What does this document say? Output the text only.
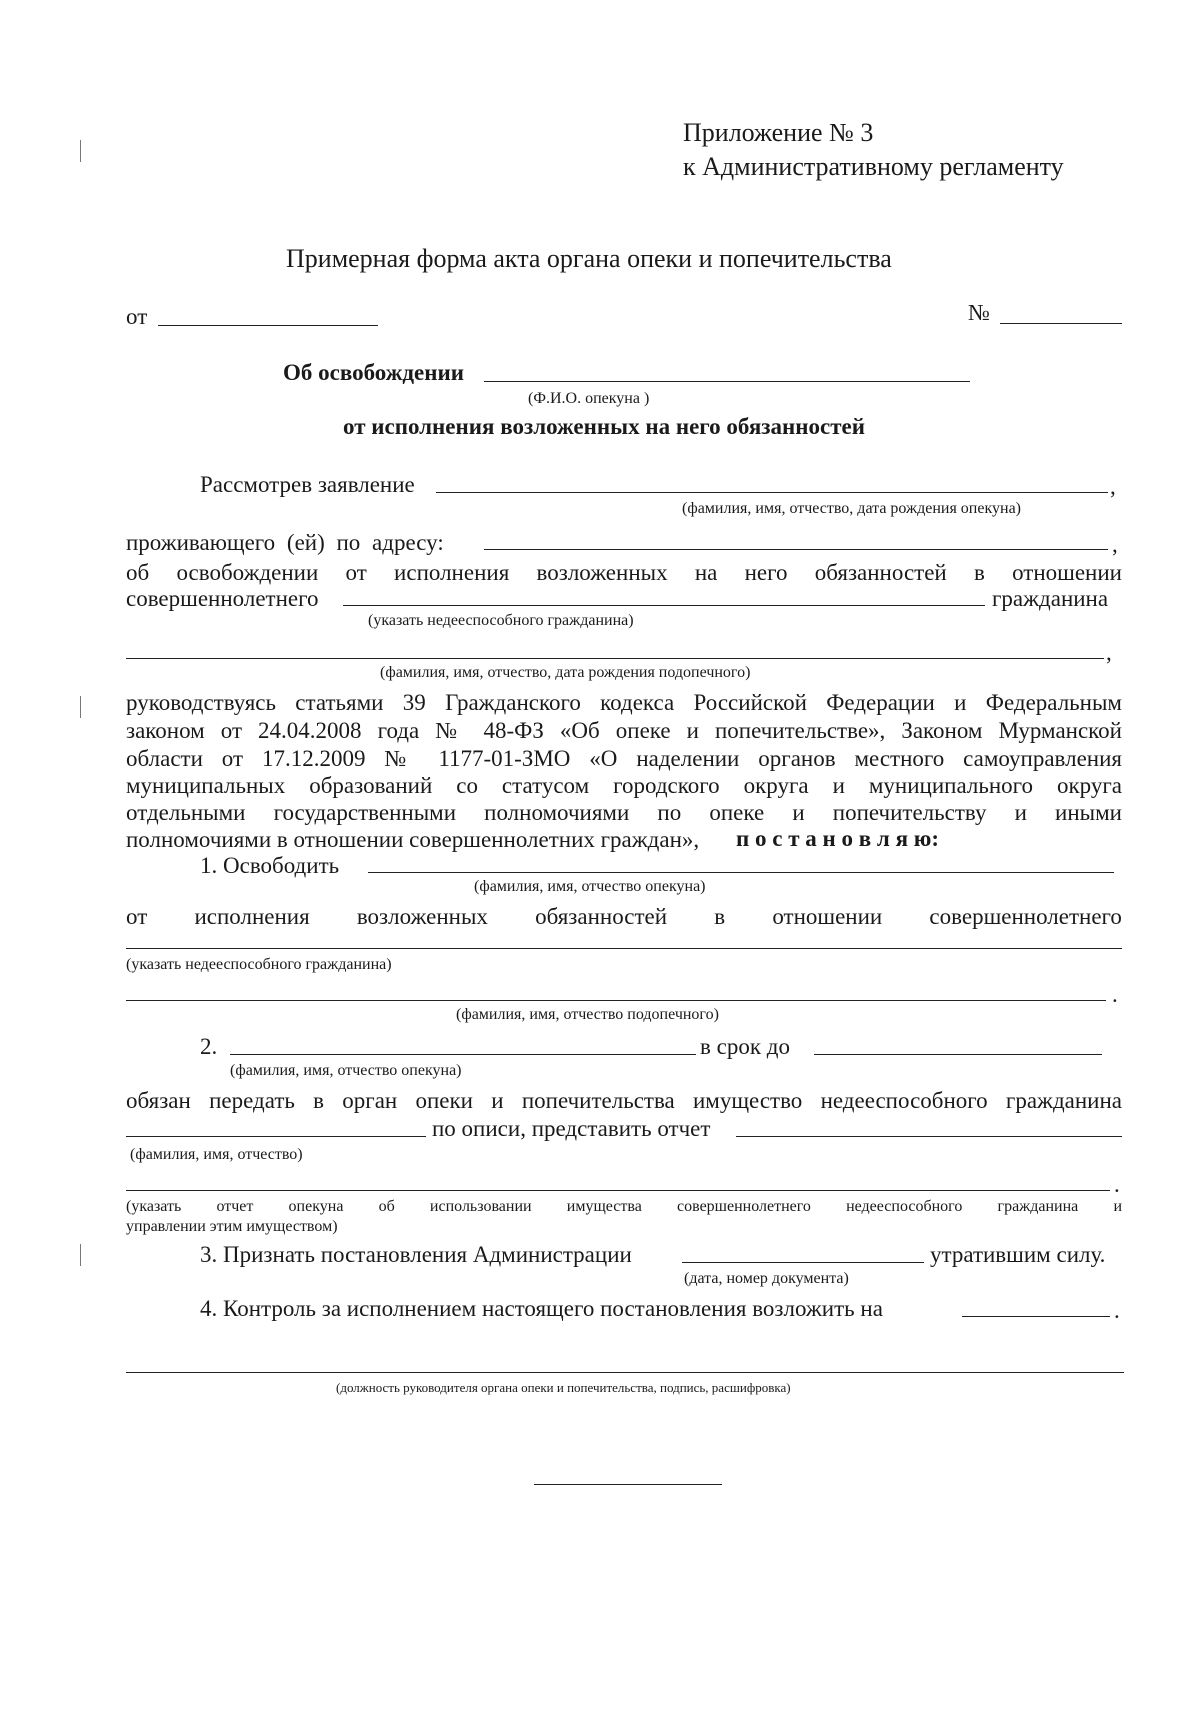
Приложение № 3
к Административному регламенту
Примерная форма акта органа опеки и попечительства
от	№
Об освобождении
(Ф.И.О. опекуна )
от исполнения возложенных на него обязанностей
Рассмотрев заявление	,
(фамилия, имя, отчество, дата рождения опекуна)
проживающего (ей) по адресу:	,
об освобождении от исполнения возложенных на него обязанностей в отношении
совершеннолетнего	гражданина
(указать недееспособного гражданина)
,
(фамилия, имя, отчество, дата рождения подопечного)
руководствуясь статьями 39 Гражданского кодекса Российской Федерации и Федеральным
законом от 24.04.2008 года № 48-ФЗ «Об опеке и попечительстве», Законом Мурманской
области от 17.12.2009 № 1177-01-ЗМО «О наделении органов местного самоуправления
муниципальных образований со статусом городского округа и муниципального округа
отдельными государственными полномочиями по опеке и попечительству и иными
полномочиями в отношении совершеннолетних граждан», п о с т а н о в л я ю:
1. Освободить
(фамилия, имя, отчество опекуна)
от исполнения возложенных обязанностей в отношении совершеннолетнего
(указать недееспособного гражданина)
.
(фамилия, имя, отчество подопечного)
2.	в срок до
(фамилия, имя, отчество опекуна)
обязан передать в орган опеки и попечительства имущество недееспособного гражданина
по описи, представить отчет
(фамилия, имя, отчество)
.
(указать отчет опекуна об использовании имущества совершеннолетнего недееспособного гражданина и
управлении этим имуществом)
3. Признать постановления Администрации	утратившим силу.
(дата, номер документа)
4. Контроль за исполнением настоящего постановления возложить на	.
(должность руководителя органа опеки и попечительства, подпись, расшифровка)
